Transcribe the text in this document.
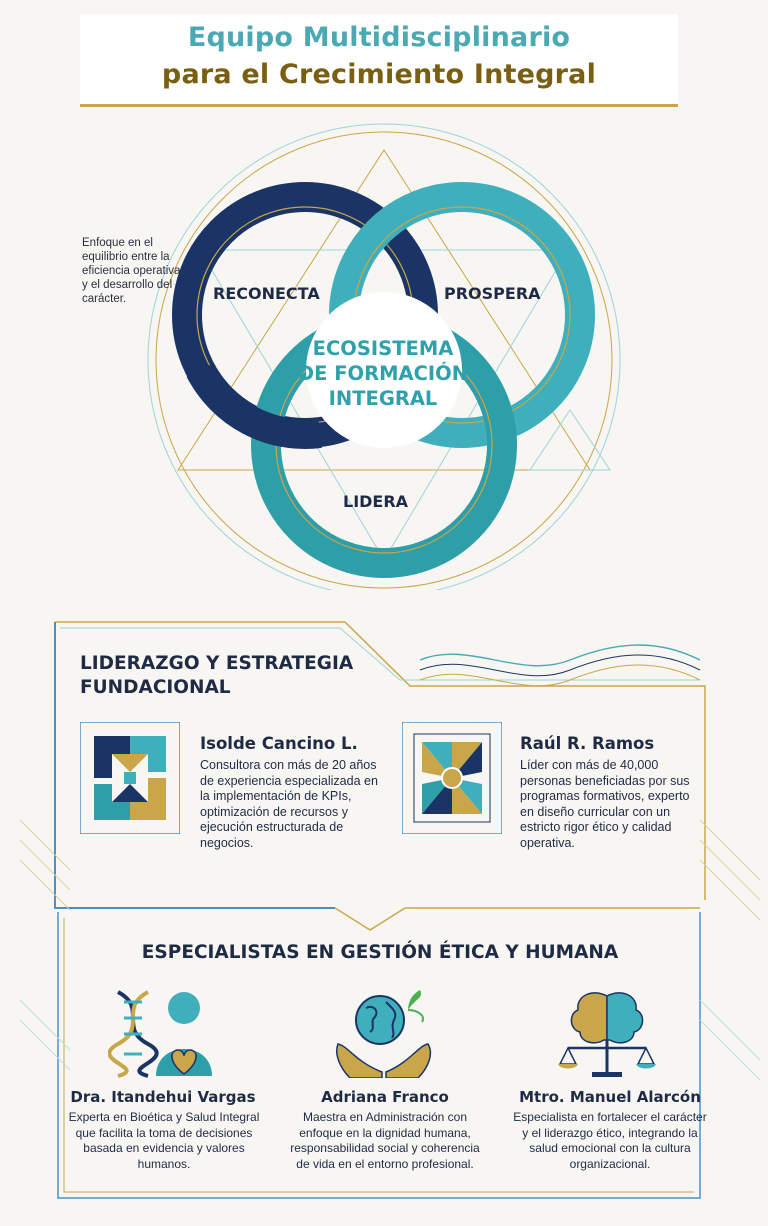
Equipo Multidisciplinario
para el Crecimiento Integral
Enfoque en el equilibrio entre la eficiencia operativa y el desarrollo del carácter.	RECONECTA	PROSPERA
LIDERA
ECOSISTEMA
DE FORMACIÓN
INTEGRAL
LIDERAZGO Y ESTRATEGIA
FUNDACIONAL
Isolde Cancino L.
Consultora con más de 20 años de experiencia especializada en la implementación de KPIs, optimización de recursos y ejecución estructurada de negocios.
Raúl R. Ramos
Líder con más de 40,000 personas beneficiadas por sus programas formativos, experto en diseño curricular con un estricto rigor ético y calidad operativa.
ESPECIALISTAS EN GESTIÓN ÉTICA Y HUMANA
Dra. Itandehui Vargas
Experta en Bioética y Salud Integral que facilita la toma de decisiones basada en evidencia y valores humanos.
Adriana Franco
Maestra en Administración con enfoque en la dignidad humana, responsabilidad social y coherencia de vida en el entorno profesional.
Mtro. Manuel Alarcón
Especialista en fortalecer el carácter y el liderazgo ético, integrando la salud emocional con la cultura organizacional.
